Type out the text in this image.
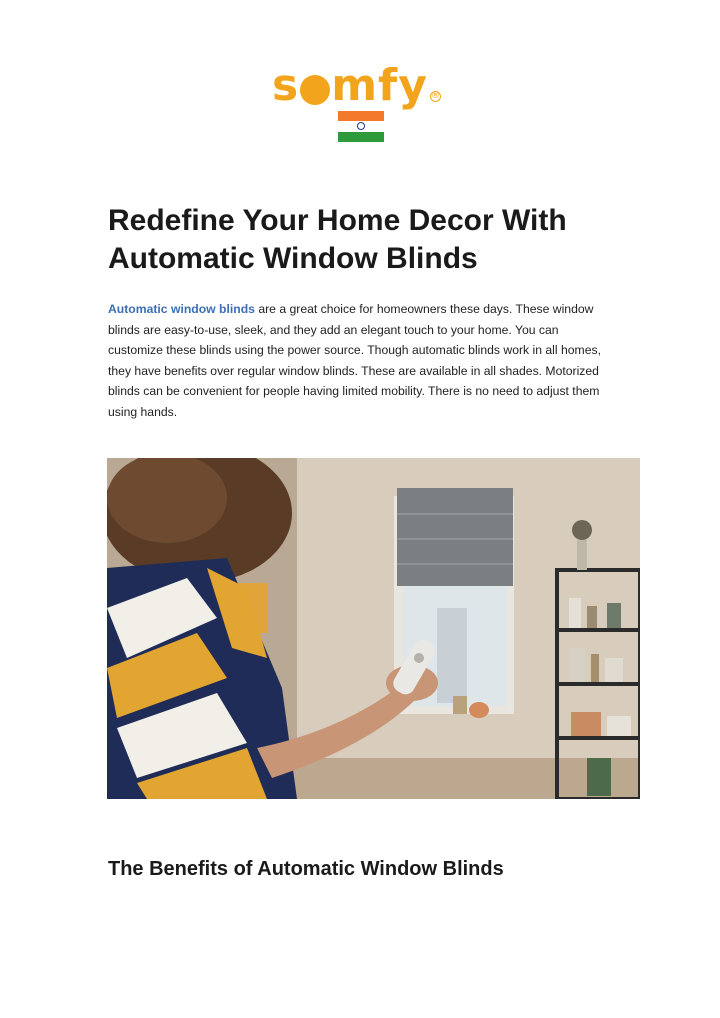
s mfy ®
Redefine Your Home Decor With Automatic Window Blinds

Automatic window blinds are a great choice for homeowners these days. These window blinds are easy-to-use, sleek, and they add an elegant touch to your home. You can customize these blinds using the power source. Though automatic blinds work in all homes, they have benefits over regular window blinds. These are available in all shades. Motorized blinds can be convenient for people having limited mobility. There is no need to adjust them using hands.

The Benefits of Automatic Window Blinds
